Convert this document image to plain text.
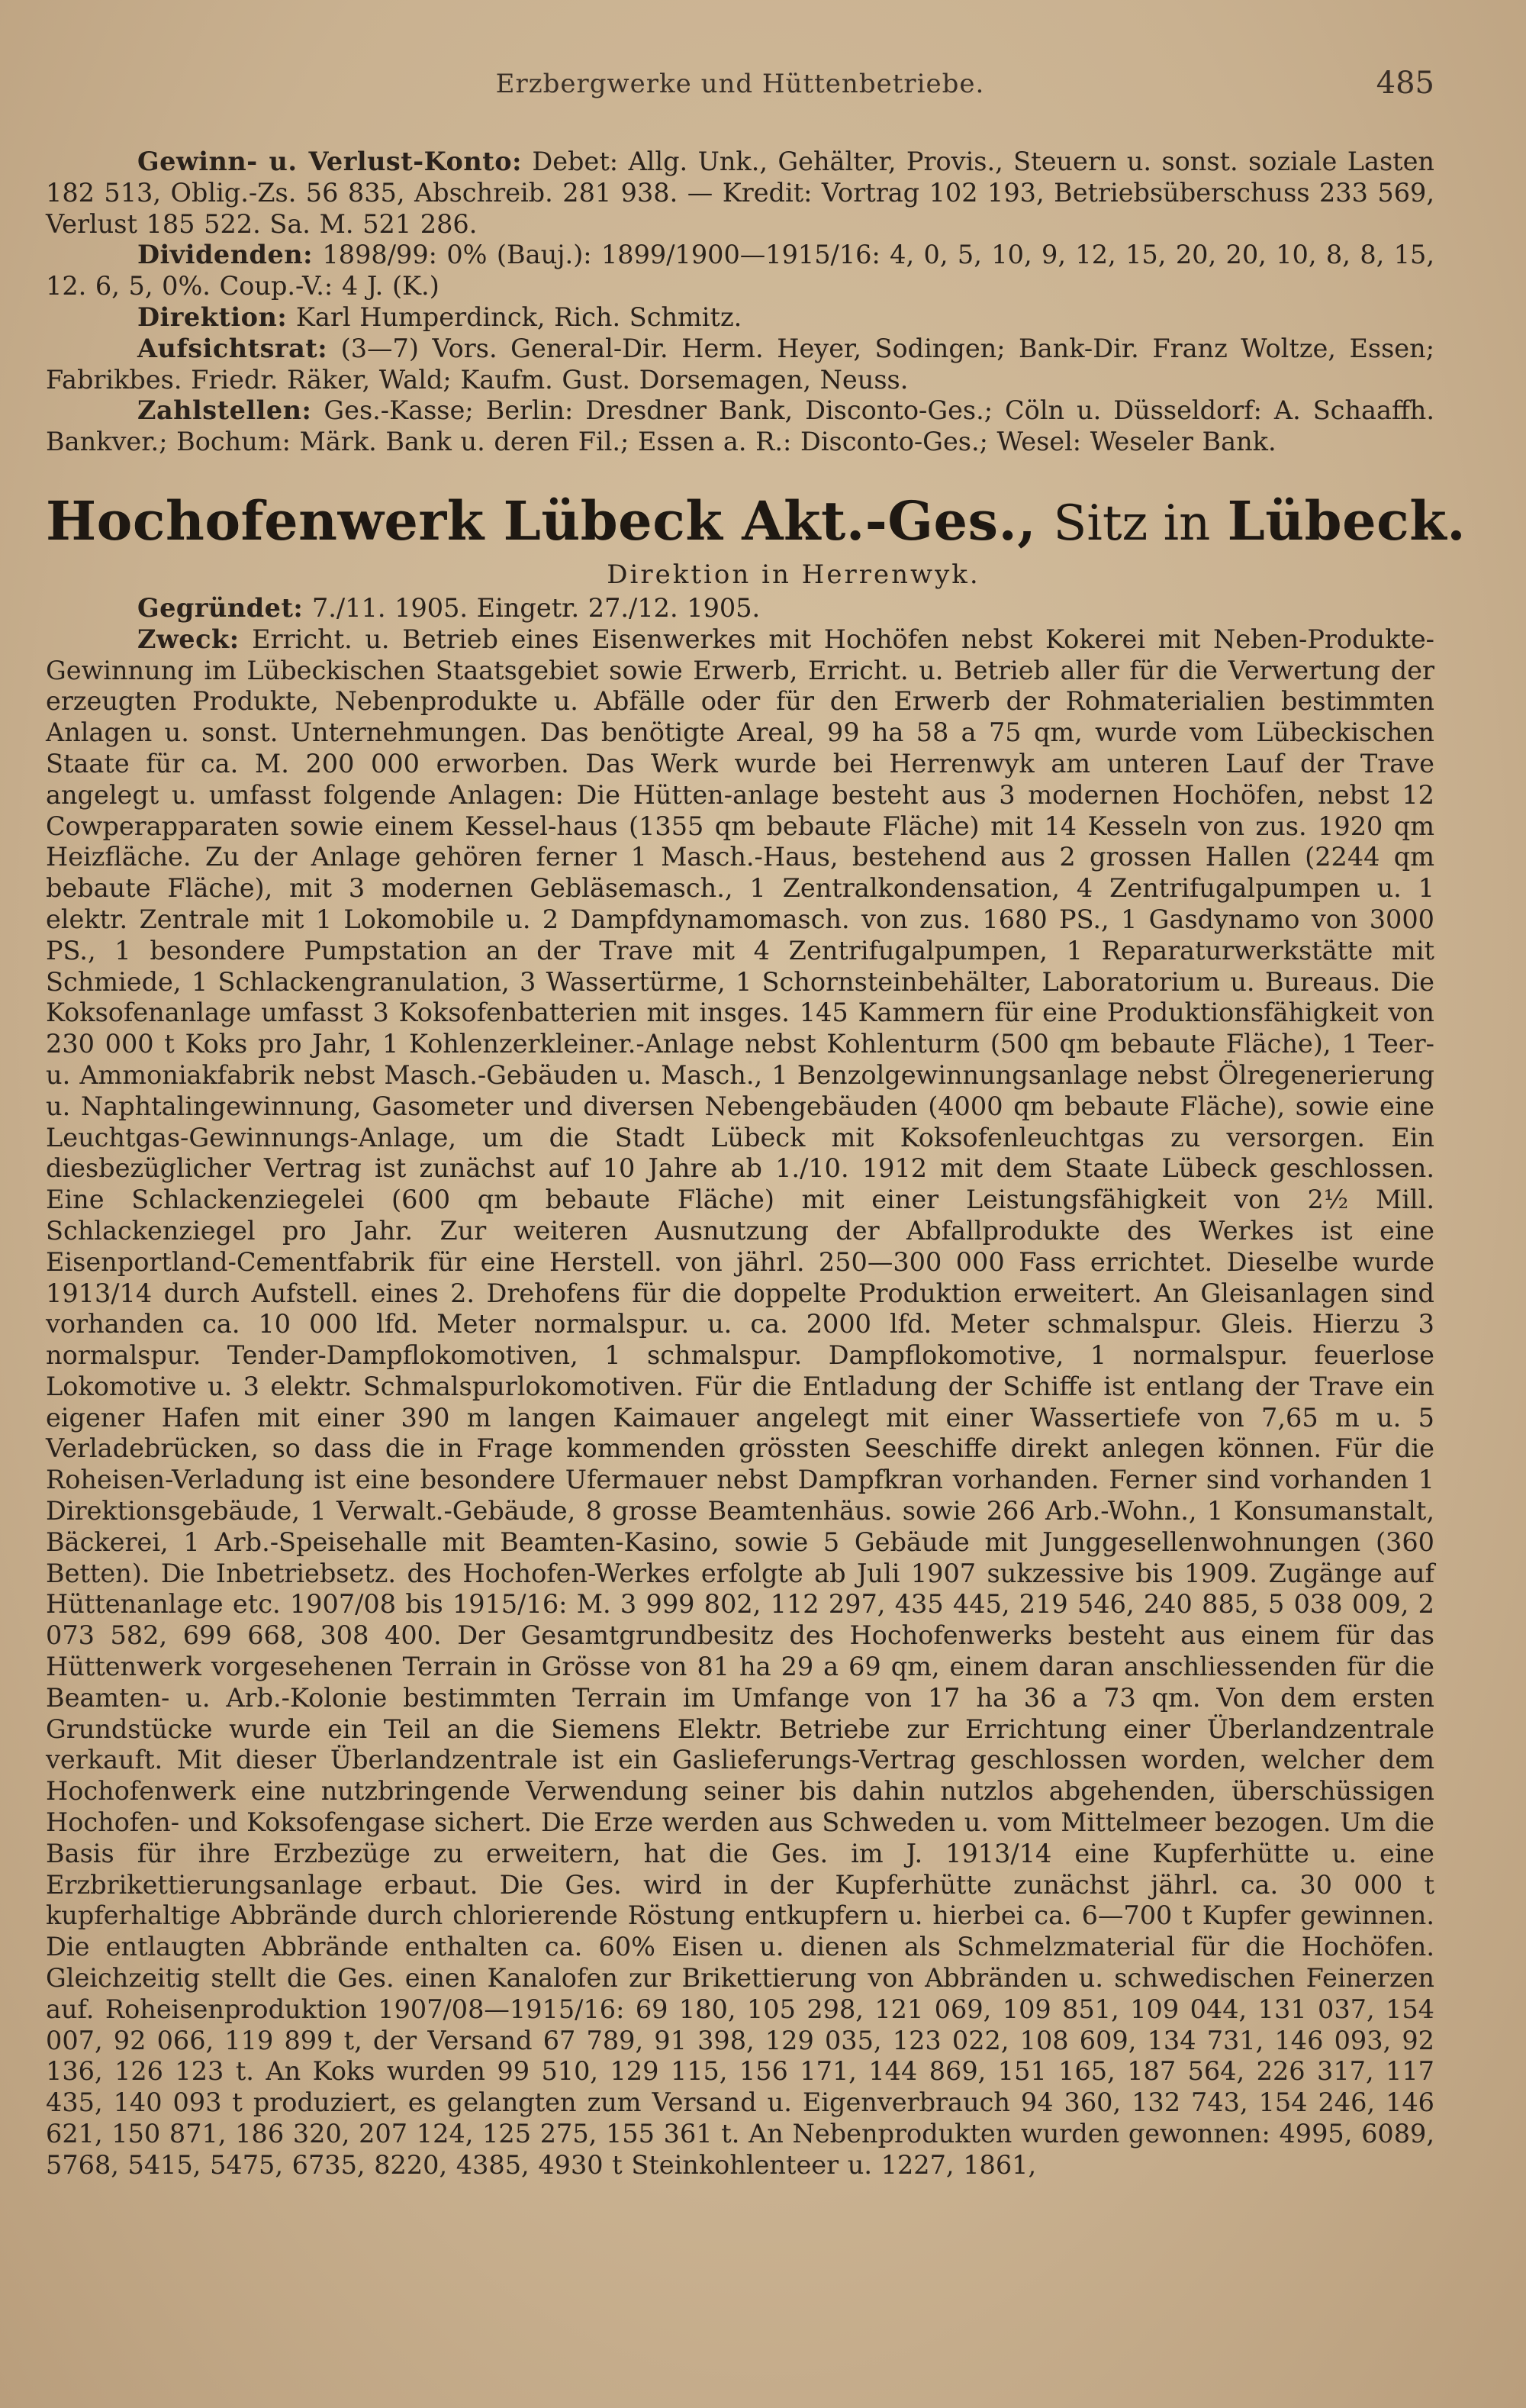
Erzbergwerke und Hüttenbetriebe.	485

Gewinn- u. Verlust-Konto: Debet: Allg. Unk., Gehälter, Provis., Steuern u. sonst. soziale Lasten 182 513, Oblig.-Zs. 56 835, Abschreib. 281 938. — Kredit: Vortrag 102 193, Betriebsüberschuss 233 569, Verlust 185 522. Sa. M. 521 286.

Dividenden: 1898/99: 0% (Bauj.): 1899/1900—1915/16: 4, 0, 5, 10, 9, 12, 15, 20, 20, 10, 8, 8, 15, 12. 6, 5, 0%. Coup.-V.: 4 J. (K.)

Direktion: Karl Humperdinck, Rich. Schmitz.

Aufsichtsrat: (3—7) Vors. General-Dir. Herm. Heyer, Sodingen; Bank-Dir. Franz Woltze, Essen; Fabrikbes. Friedr. Räker, Wald; Kaufm. Gust. Dorsemagen, Neuss.

Zahlstellen: Ges.-Kasse; Berlin: Dresdner Bank, Disconto-Ges.; Cöln u. Düsseldorf: A. Schaaffh. Bankver.; Bochum: Märk. Bank u. deren Fil.; Essen a. R.: Disconto-Ges.; Wesel: Weseler Bank.

Hochofenwerk Lübeck Akt.-Ges., Sitz in Lübeck.
Direktion in Herrenwyk.

Gegründet: 7./11. 1905. Eingetr. 27./12. 1905.

Zweck: Erricht. u. Betrieb eines Eisenwerkes mit Hochöfen nebst Kokerei mit Neben-Produkte-Gewinnung im Lübeckischen Staatsgebiet sowie Erwerb, Erricht. u. Betrieb aller für die Verwertung der erzeugten Produkte, Nebenprodukte u. Abfälle oder für den Erwerb der Rohmaterialien bestimmten Anlagen u. sonst. Unternehmungen. Das benötigte Areal, 99 ha 58 a 75 qm, wurde vom Lübeckischen Staate für ca. M. 200 000 erworben. Das Werk wurde bei Herrenwyk am unteren Lauf der Trave angelegt u. umfasst folgende Anlagen: Die Hütten-anlage besteht aus 3 modernen Hochöfen, nebst 12 Cowperapparaten sowie einem Kessel-haus (1355 qm bebaute Fläche) mit 14 Kesseln von zus. 1920 qm Heizfläche. Zu der Anlage gehören ferner 1 Masch.-Haus, bestehend aus 2 grossen Hallen (2244 qm bebaute Fläche), mit 3 modernen Gebläsemasch., 1 Zentralkondensation, 4 Zentrifugalpumpen u. 1 elektr. Zentrale mit 1 Lokomobile u. 2 Dampfdynamomasch. von zus. 1680 PS., 1 Gasdynamo von 3000 PS., 1 besondere Pumpstation an der Trave mit 4 Zentrifugalpumpen, 1 Reparaturwerkstätte mit Schmiede, 1 Schlackengranulation, 3 Wassertürme, 1 Schornsteinbehälter, Laboratorium u. Bureaus. Die Koksofenanlage umfasst 3 Koksofenbatterien mit insges. 145 Kammern für eine Produktionsfähigkeit von 230 000 t Koks pro Jahr, 1 Kohlenzerkleiner.-Anlage nebst Kohlenturm (500 qm bebaute Fläche), 1 Teer- u. Ammoniakfabrik nebst Masch.-Gebäuden u. Masch., 1 Benzolgewinnungsanlage nebst Ölregenerierung u. Naphtalingewinnung, Gasometer und diversen Nebengebäuden (4000 qm bebaute Fläche), sowie eine Leuchtgas-Gewinnungs-Anlage, um die Stadt Lübeck mit Koksofenleuchtgas zu versorgen. Ein diesbezüglicher Vertrag ist zunächst auf 10 Jahre ab 1./10. 1912 mit dem Staate Lübeck geschlossen. Eine Schlackenziegelei (600 qm bebaute Fläche) mit einer Leistungsfähigkeit von 2½ Mill. Schlackenziegel pro Jahr. Zur weiteren Ausnutzung der Abfallprodukte des Werkes ist eine Eisenportland-Cementfabrik für eine Herstell. von jährl. 250—300 000 Fass errichtet. Dieselbe wurde 1913/14 durch Aufstell. eines 2. Drehofens für die doppelte Produktion erweitert. An Gleisanlagen sind vorhanden ca. 10 000 lfd. Meter normalspur. u. ca. 2000 lfd. Meter schmalspur. Gleis. Hierzu 3 normalspur. Tender-Dampflokomotiven, 1 schmalspur. Dampflokomotive, 1 normalspur. feuerlose Lokomotive u. 3 elektr. Schmalspurlokomotiven. Für die Entladung der Schiffe ist entlang der Trave ein eigener Hafen mit einer 390 m langen Kaimauer angelegt mit einer Wassertiefe von 7,65 m u. 5 Verladebrücken, so dass die in Frage kommenden grössten Seeschiffe direkt anlegen können. Für die Roheisen-Verladung ist eine besondere Ufermauer nebst Dampfkran vorhanden. Ferner sind vorhanden 1 Direktionsgebäude, 1 Verwalt.-Gebäude, 8 grosse Beamtenhäus. sowie 266 Arb.-Wohn., 1 Konsumanstalt, Bäckerei, 1 Arb.-Speisehalle mit Beamten-Kasino, sowie 5 Gebäude mit Junggesellenwohnungen (360 Betten). Die Inbetriebsetz. des Hochofen-Werkes erfolgte ab Juli 1907 sukzessive bis 1909. Zugänge auf Hüttenanlage etc. 1907/08 bis 1915/16: M. 3 999 802, 112 297, 435 445, 219 546, 240 885, 5 038 009, 2 073 582, 699 668, 308 400. Der Gesamtgrundbesitz des Hochofenwerks besteht aus einem für das Hüttenwerk vorgesehenen Terrain in Grösse von 81 ha 29 a 69 qm, einem daran anschliessenden für die Beamten- u. Arb.-Kolonie bestimmten Terrain im Umfange von 17 ha 36 a 73 qm. Von dem ersten Grundstücke wurde ein Teil an die Siemens Elektr. Betriebe zur Errichtung einer Überlandzentrale verkauft. Mit dieser Überlandzentrale ist ein Gaslieferungs-Vertrag geschlossen worden, welcher dem Hochofenwerk eine nutzbringende Verwendung seiner bis dahin nutzlos abgehenden, überschüssigen Hochofen- und Koksofengase sichert. Die Erze werden aus Schweden u. vom Mittelmeer bezogen. Um die Basis für ihre Erzbezüge zu erweitern, hat die Ges. im J. 1913/14 eine Kupferhütte u. eine Erzbrikettierungsanlage erbaut. Die Ges. wird in der Kupferhütte zunächst jährl. ca. 30 000 t kupferhaltige Abbrände durch chlorierende Röstung entkupfern u. hierbei ca. 6—700 t Kupfer gewinnen. Die entlaugten Abbrände enthalten ca. 60% Eisen u. dienen als Schmelzmaterial für die Hochöfen. Gleichzeitig stellt die Ges. einen Kanalofen zur Brikettierung von Abbränden u. schwedischen Feinerzen auf. Roheisenproduktion 1907/08—1915/16: 69 180, 105 298, 121 069, 109 851, 109 044, 131 037, 154 007, 92 066, 119 899 t, der Versand 67 789, 91 398, 129 035, 123 022, 108 609, 134 731, 146 093, 92 136, 126 123 t. An Koks wurden 99 510, 129 115, 156 171, 144 869, 151 165, 187 564, 226 317, 117 435, 140 093 t produziert, es gelangten zum Versand u. Eigenverbrauch 94 360, 132 743, 154 246, 146 621, 150 871, 186 320, 207 124, 125 275, 155 361 t. An Nebenprodukten wurden gewonnen: 4995, 6089, 5768, 5415, 5475, 6735, 8220, 4385, 4930 t Steinkohlenteer u. 1227, 1861,
